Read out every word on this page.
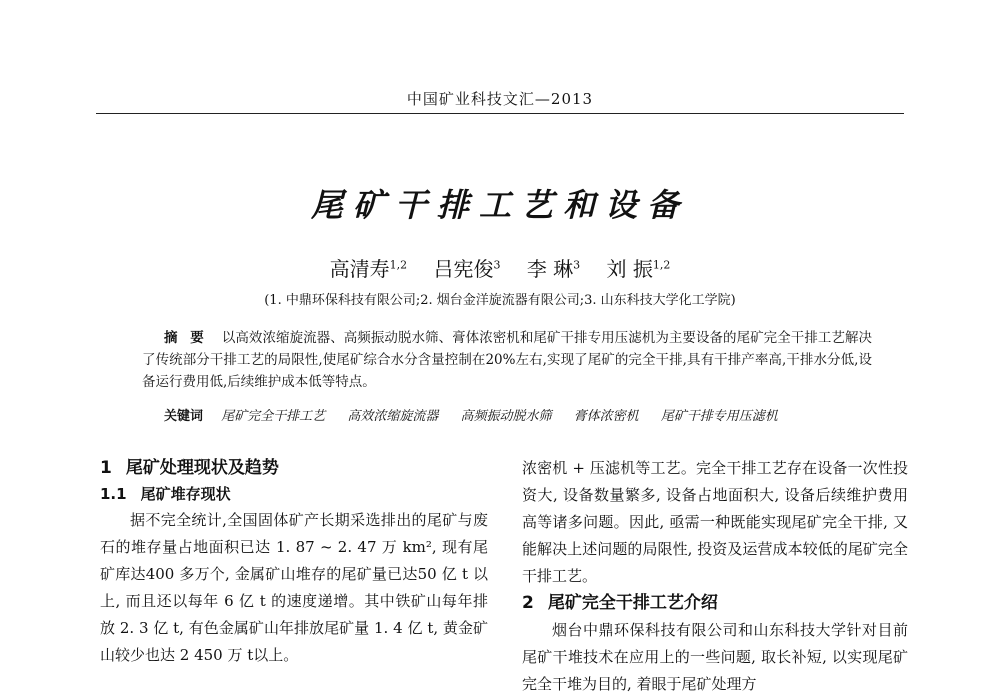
中国矿业科技文汇—2013
尾矿干排工艺和设备
高清寿$^{1,2}$ 吕宪俊$^3$ 李 琳$^3$ 刘 振$^{1,2}$
(1. 中鼎环保科技有限公司;2. 烟台金洋旋流器有限公司;3. 山东科技大学化工学院)
摘 要 以高效浓缩旋流器、高频振动脱水筛、膏体浓密机和尾矿干排专用压滤机为主要设备的尾矿完全干排工艺解决了传统部分干排工艺的局限性,使尾矿综合水分含量控制在20%左右,实现了尾矿的完全干排,具有干排产率高,干排水分低,设备运行费用低,后续维护成本低等特点。
关键词 尾矿完全干排工艺 高效浓缩旋流器 高频振动脱水筛 膏体浓密机 尾矿干排专用压滤机
1 尾矿处理现状及趋势
1.1 尾矿堆存现状
据不完全统计,全国固体矿产长期采选排出的尾矿与废石的堆存量占地面积已达 1. 87 ~ 2. 47 万 km², 现有尾矿库达400 多万个, 金属矿山堆存的尾矿量已达50 亿 t 以上, 而且还以每年 6 亿 t 的速度递增。其中铁矿山每年排放 2. 3 亿 t, 有色金属矿山年排放尾矿量 1. 4 亿 t, 黄金矿山较少也达 2 450 万 t以上。
浓密机 + 压滤机等工艺。完全干排工艺存在设备一次性投资大, 设备数量繁多, 设备占地面积大, 设备后续维护费用高等诸多问题。因此, 亟需一种既能实现尾矿完全干排, 又能解决上述问题的局限性, 投资及运营成本较低的尾矿完全干排工艺。
2 尾矿完全干排工艺介绍
烟台中鼎环保科技有限公司和山东科技大学针对目前尾矿干堆技术在应用上的一些问题, 取长补短, 以实现尾矿完全干堆为目的, 着眼于尾矿处理方
